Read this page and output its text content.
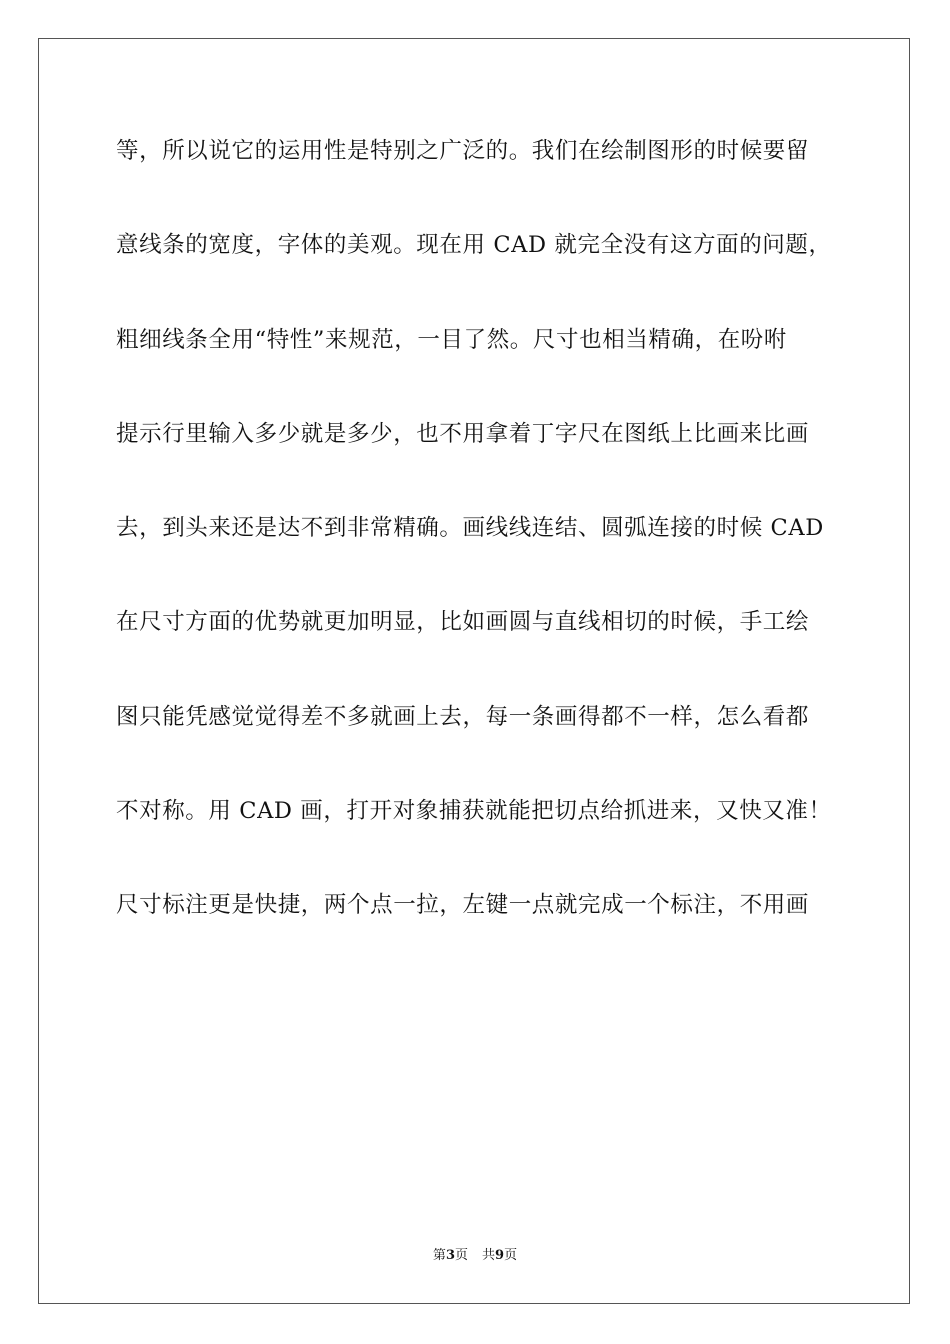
等，所以说它的运用性是特别之广泛的。我们在绘制图形的时候要留
意线条的宽度，字体的美观。现在用 CAD 就完全没有这方面的问题，
粗细线条全用“特性”来规范，一目了然。尺寸也相当精确，在吩咐
提示行里输入多少就是多少，也不用拿着丁字尺在图纸上比画来比画
去，到头来还是达不到非常精确。画线线连结、圆弧连接的时候 CAD
在尺寸方面的优势就更加明显，比如画圆与直线相切的时候，手工绘
图只能凭感觉觉得差不多就画上去，每一条画得都不一样，怎么看都
不对称。用 CAD 画，打开对象捕获就能把切点给抓进来，又快又准！
尺寸标注更是快捷，两个点一拉，左键一点就完成一个标注，不用画
第3页 共9页
